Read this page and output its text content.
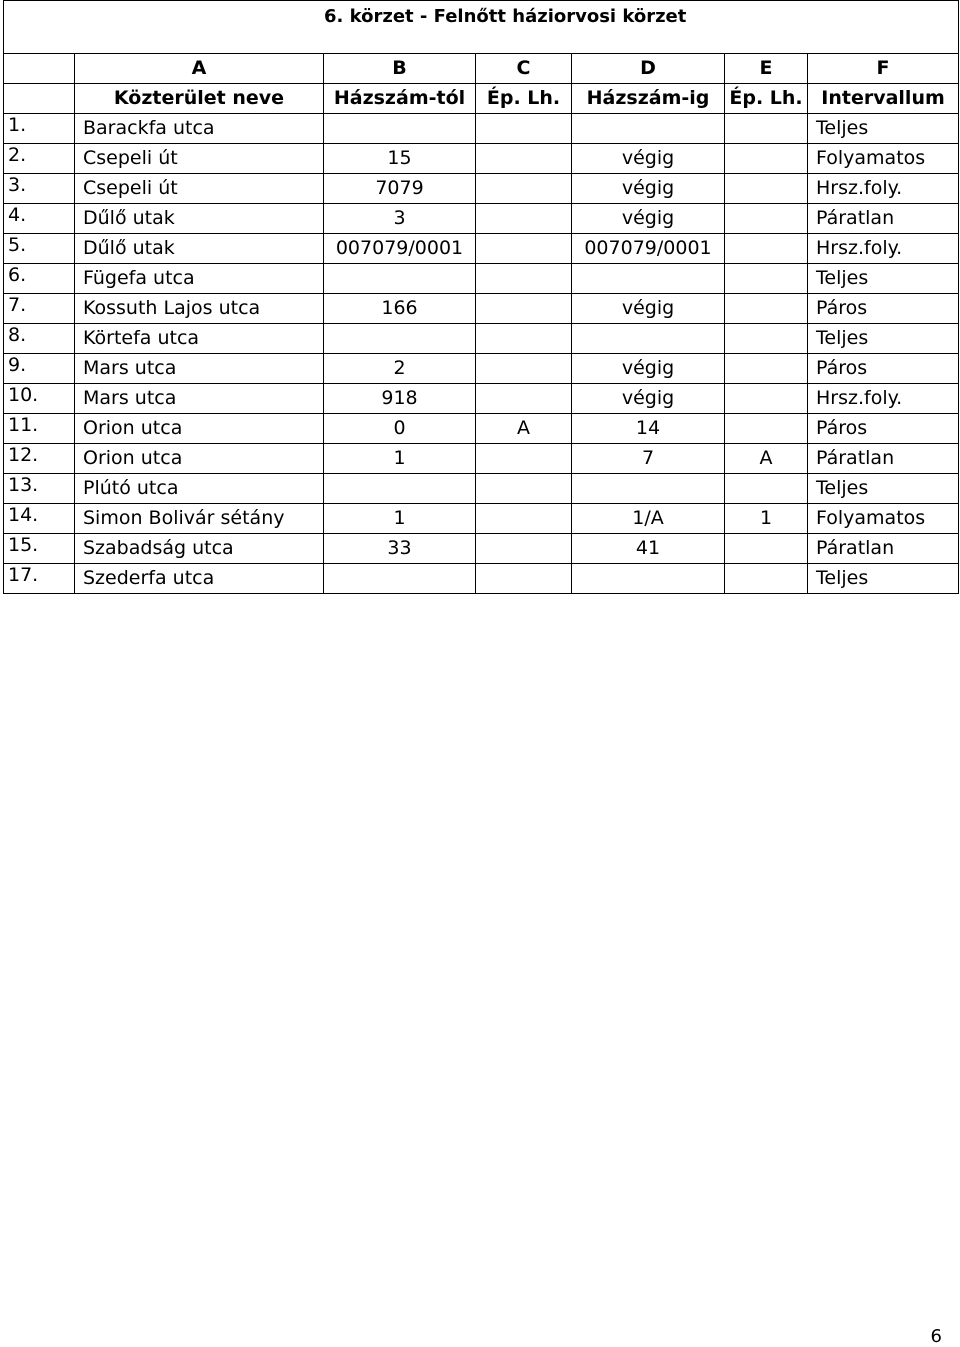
6. körzet - Felnőtt háziorvosi körzet						
	A	B	C	D	E	F
	Közterület neve	Házszám-tól	Ép. Lh.	Házszám-ig	Ép. Lh.	Intervallum
1.	Barackfa utca					Teljes
2.	Csepeli út	15		végig		Folyamatos
3.	Csepeli út	7079		végig		Hrsz.foly.
4.	Dűlő utak	3		végig		Páratlan
5.	Dűlő utak	007079/0001		007079/0001		Hrsz.foly.
6.	Fügefa utca					Teljes
7.	Kossuth Lajos utca	166		végig		Páros
8.	Körtefa utca					Teljes
9.	Mars utca	2		végig		Páros
10.	Mars utca	918		végig		Hrsz.foly.
11.	Orion utca	0	A	14		Páros
12.	Orion utca	1		7	A	Páratlan
13.	Plútó utca					Teljes
14.	Simon Bolivár sétány	1		1/A	1	Folyamatos
15.	Szabadság utca	33		41		Páratlan
17.	Szederfa utca					Teljes
6
